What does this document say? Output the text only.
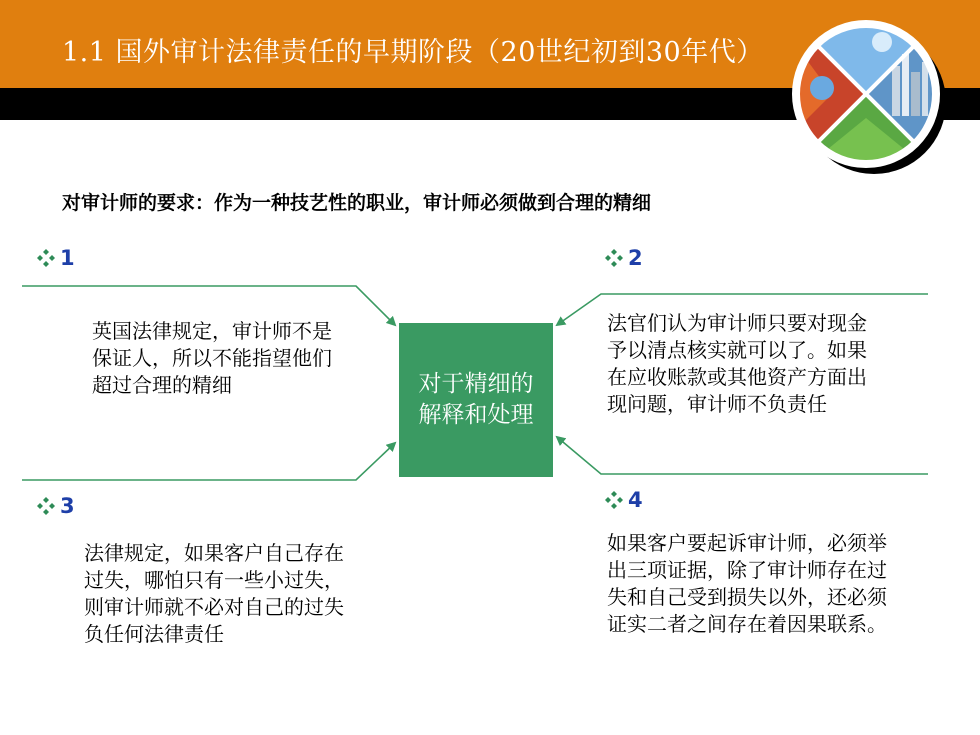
1.1 国外审计法律责任的早期阶段（20世纪初到30年代）
对审计师的要求：作为一种技艺性的职业，审计师必须做到合理的精细
对于精细的解释和处理
1	2
3	4
英国法律规定，审计师不是保证人，所以不能指望他们超过合理的精细
法官们认为审计师只要对现金予以清点核实就可以了。如果在应收账款或其他资产方面出现问题，审计师不负责任
法律规定，如果客户自己存在过失，哪怕只有一些小过失，则审计师就不必对自己的过失负任何法律责任
如果客户要起诉审计师，必须举出三项证据，除了审计师存在过失和自己受到损失以外，还必须证实二者之间存在着因果联系。
